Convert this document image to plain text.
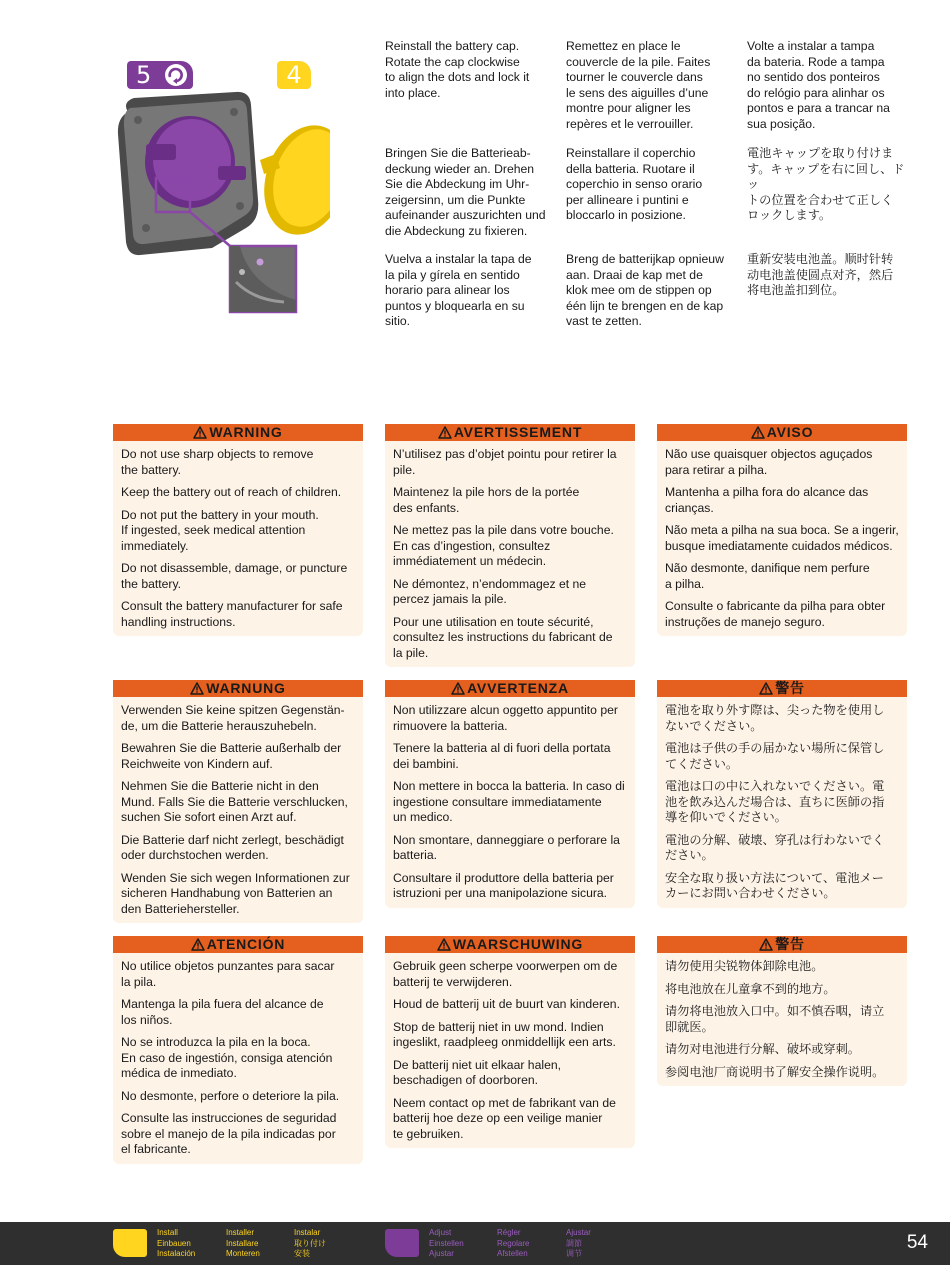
5	4

Reinstall the battery cap.
Rotate the cap clockwise
to align the dots and lock it
into place.

Remettez en place le
couvercle de la pile. Faites
tourner le couvercle dans
le sens des aiguilles d’une
montre pour aligner les
repères et le verrouiller.

Volte a instalar a tampa
da bateria. Rode a tampa
no sentido dos ponteiros
do relógio para alinhar os
pontos e para a trancar na
sua posição.

Bringen Sie die Batterieab-
deckung wieder an. Drehen
Sie die Abdeckung im Uhr-
zeigersinn, um die Punkte
aufeinander auszurichten und
die Abdeckung zu fixieren.

Reinstallare il coperchio
della batteria. Ruotare il
coperchio in senso orario
per allineare i puntini e
bloccarlo in posizione.

電池キャップを取り付けま
す。キャップを右に回し、ドッ
トの位置を合わせて正しく
ロックします。

Vuelva a instalar la tapa de
la pila y gírela en sentido
horario para alinear los
puntos y bloquearla en su
sitio.

Breng de batterijkap opnieuw
aan. Draai de kap met de
klok mee om de stippen op
één lijn te brengen en de kap
vast te zetten.

重新安装电池盖。顺时针转
动电池盖使圆点对齐，然后
将电池盖扣到位。

WARNING

Do not use sharp objects to remove
the battery.

Keep the battery out of reach of children.

Do not put the battery in your mouth.
If ingested, seek medical attention
immediately.

Do not disassemble, damage, or puncture
the battery.

Consult the battery manufacturer for safe
handling instructions.

AVERTISSEMENT

N’utilisez pas d’objet pointu pour retirer la
pile.

Maintenez la pile hors de la portée
des enfants.

Ne mettez pas la pile dans votre bouche.
En cas d’ingestion, consultez
immédiatement un médecin.

Ne démontez, n’endommagez et ne
percez jamais la pile.

Pour une utilisation en toute sécurité,
consultez les instructions du fabricant de
la pile.

AVISO

Não use quaisquer objectos aguçados
para retirar a pilha.

Mantenha a pilha fora do alcance das
crianças.

Não meta a pilha na sua boca. Se a ingerir,
busque imediatamente cuidados médicos.

Não desmonte, danifique nem perfure
a pilha.

Consulte o fabricante da pilha para obter
instruções de manejo seguro.

WARNUNG

Verwenden Sie keine spitzen Gegenstän-
de, um die Batterie herauszuhebeln.

Bewahren Sie die Batterie außerhalb der
Reichweite von Kindern auf.

Nehmen Sie die Batterie nicht in den
Mund. Falls Sie die Batterie verschlucken,
suchen Sie sofort einen Arzt auf.

Die Batterie darf nicht zerlegt, beschädigt
oder durchstochen werden.

Wenden Sie sich wegen Informationen zur
sicheren Handhabung von Batterien an
den Batteriehersteller.

AVVERTENZA

Non utilizzare alcun oggetto appuntito per
rimuovere la batteria.

Tenere la batteria al di fuori della portata
dei bambini.

Non mettere in bocca la batteria. In caso di
ingestione consultare immediatamente
un medico.

Non smontare, danneggiare o perforare la
batteria.

Consultare il produttore della batteria per
istruzioni per una manipolazione sicura.

警告

電池を取り外す際は、尖った物を使用し
ないでください。

電池は子供の手の届かない場所に保管し
てください。

電池は口の中に入れないでください。電
池を飲み込んだ場合は、直ちに医師の指
導を仰いでください。

電池の分解、破壊、穿孔は行わないでく
ださい。

安全な取り扱い方法について、電池メー
カーにお問い合わせください。

ATENCIÓN

No utilice objetos punzantes para sacar
la pila.

Mantenga la pila fuera del alcance de
los niños.

No se introduzca la pila en la boca.
En caso de ingestión, consiga atención
médica de inmediato.

No desmonte, perfore o deteriore la pila.

Consulte las instrucciones de seguridad
sobre el manejo de la pila indicadas por
el fabricante.

WAARSCHUWING

Gebruik geen scherpe voorwerpen om de
batterij te verwijderen.

Houd de batterij uit de buurt van kinderen.

Stop de batterij niet in uw mond. Indien
ingeslikt, raadpleeg onmiddellijk een arts.

De batterij niet uit elkaar halen,
beschadigen of doorboren.

Neem contact op met de fabrikant van de
batterij hoe deze op een veilige manier
te gebruiken.

警告

请勿使用尖锐物体卸除电池。

将电池放在儿童拿不到的地方。

请勿将电池放入口中。如不慎吞咽，请立
即就医。

请勿对电池进行分解、破坏或穿刺。

参阅电池厂商说明书了解安全操作说明。

Install
Einbauen
Instalación
Installer
Installare
Monteren
Instalar
取り付け
安装
Adjust
Einstellen
Ajustar
Régler
Regolare
Afstellen
Ajustar
調節
调节
54
